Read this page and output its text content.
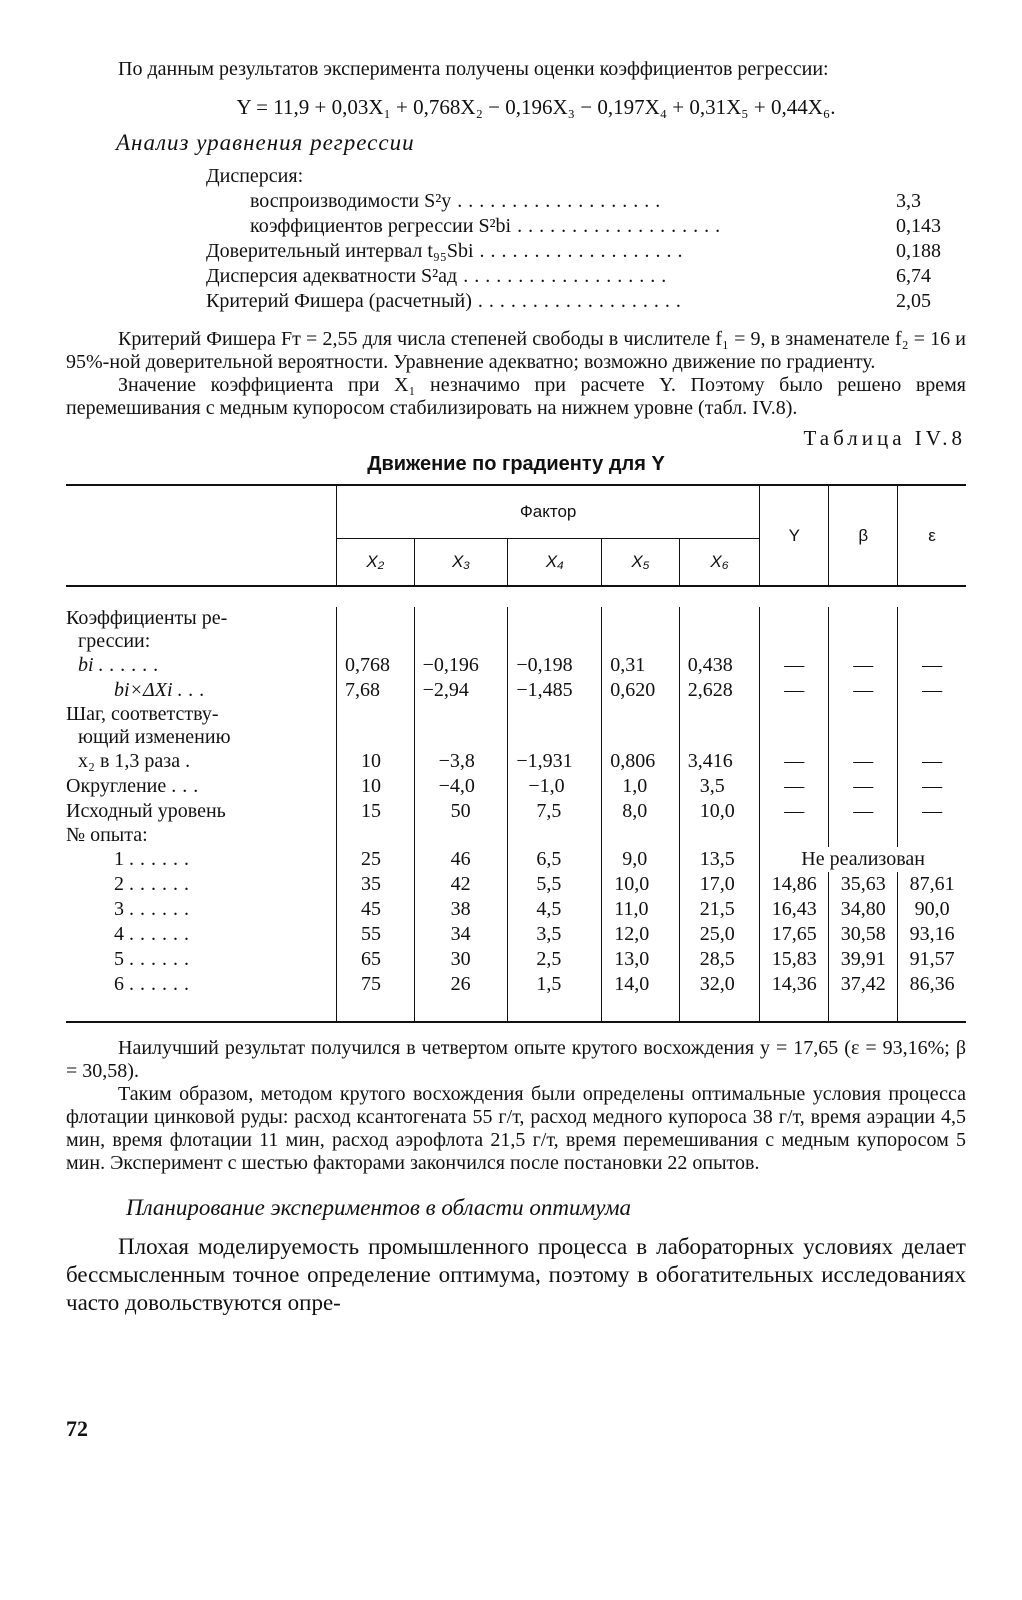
По данным результатов эксперимента получены оценки коэффициентов регрессии:

Y = 11,9 + 0,03X₁ + 0,768X₂ − 0,196X₃ − 0,197X₄ + 0,31X₅ + 0,44X₆.
Анализ уравнения регрессии
Дисперсия:
воспроизводимости S²y ...................	3,3
коэффициентов регрессии S²bi ...................	0,143
Доверительный интервал t₉₅Sbi ...................	0,188
Дисперсия адекватности S²ад ...................	6,74
Критерий Фишера (расчетный) ...................	2,05

Критерий Фишера Fт = 2,55 для числа степеней свободы в числителе f₁ = 9, в знаменателе f₂ = 16 и 95%-ной доверительной вероятности. Уравнение адекватно; возможно движение по градиенту.

Значение коэффициента при X₁ незначимо при расчете Y. Поэтому было решено время перемешивания с медным купоросом стабилизировать на нижнем уровне (табл. IV.8).

Таблица IV.8
Движение по градиенту для Y
	Фактор					Y	β	ε
	X₂	X₃	X₄	X₅	X₆			

Коэффициенты ре-								
грессии:								
bi ......	0,768	−0,196	−0,198	0,31	0,438	—	—	—
bi×ΔXi ...	7,68	−2,94	−1,485	0,620	2,628	—	—	—
Шаг, соответству-								
ющий изменению								
x₂ в 1,3 раза .	10	−3,8	−1,931	0,806	3,416	—	—	—
Округление ...	10	−4,0	−1,0	1,0	3,5	—	—	—
Исходный уровень	15	50	7,5	8,0	10,0	—	—	—
№ опыта:								
1 ......	25	46	6,5	9,0	13,5	Не реализован		
2 ......	35	42	5,5	10,0	17,0	14,86	35,63	87,61
3 ......	45	38	4,5	11,0	21,5	16,43	34,80	90,0
4 ......	55	34	3,5	12,0	25,0	17,65	30,58	93,16
5 ......	65	30	2,5	13,0	28,5	15,83	39,91	91,57
6 ......	75	26	1,5	14,0	32,0	14,36	37,42	86,36

Наилучший результат получился в четвертом опыте крутого восхождения y = 17,65 (ε = 93,16%; β = 30,58).

Таким образом, методом крутого восхождения были определены оптимальные условия процесса флотации цинковой руды: расход ксантогената 55 г/т, расход медного купороса 38 г/т, время аэрации 4,5 мин, время флотации 11 мин, расход аэрофлота 21,5 г/т, время перемешивания с медным купоросом 5 мин. Эксперимент с шестью факторами закончился после постановки 22 опытов.

Планирование экспериментов в области оптимума

Плохая моделируемость промышленного процесса в лабораторных условиях делает бессмысленным точное определение оптимума, поэтому в обогатительных исследованиях часто довольствуются опре-

72
